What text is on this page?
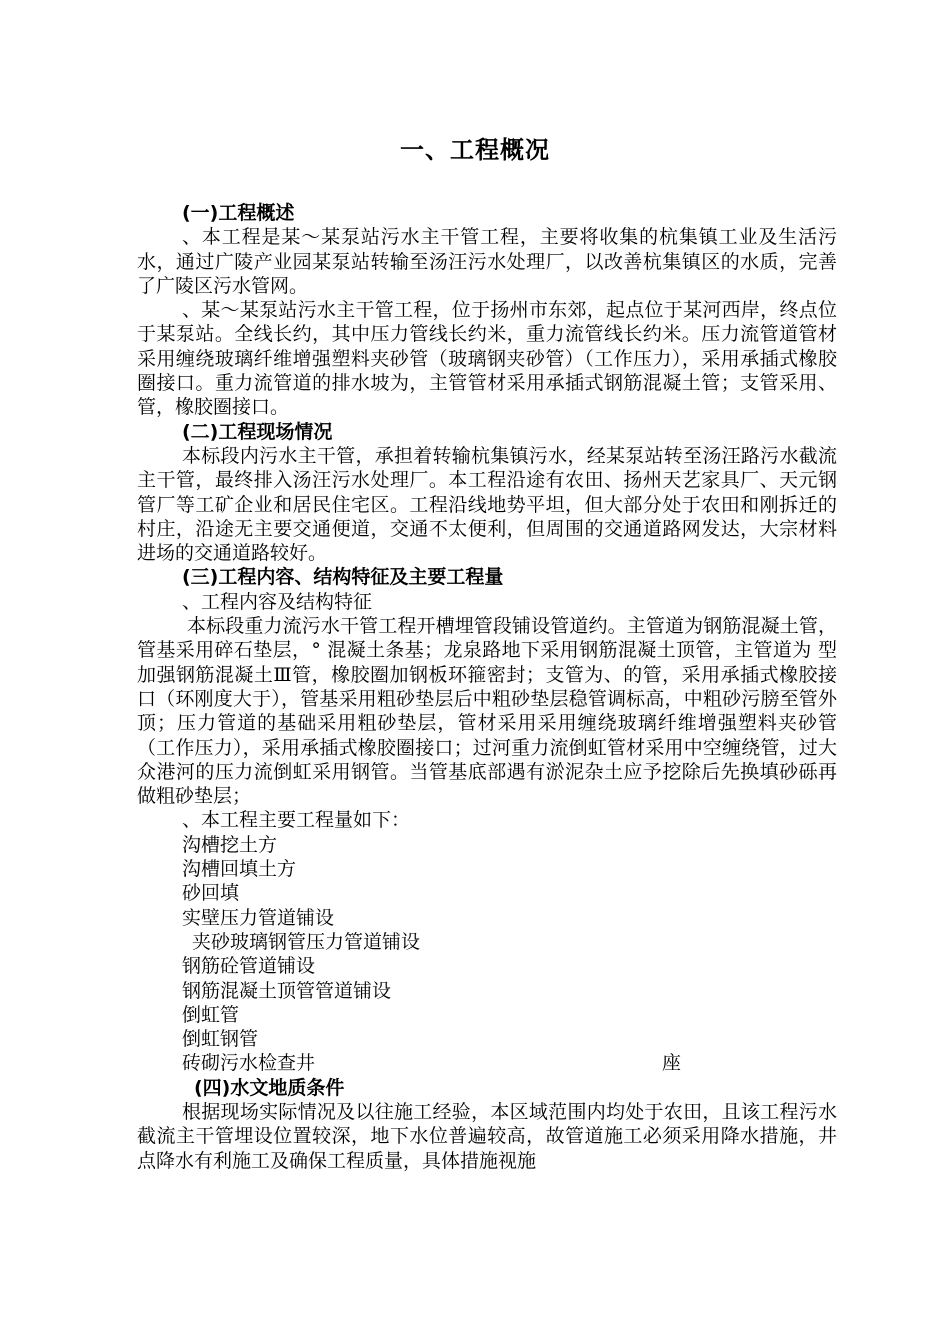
一、工程概况
(一)工程概述

、本工程是某～某泵站污水主干管工程，主要将收集的杭集镇工业及生活污水，通过广陵产业园某泵站转输至汤汪污水处理厂，以改善杭集镇区的水质，完善了广陵区污水管网。

、某～某泵站污水主干管工程，位于扬州市东郊，起点位于某河西岸，终点位于某泵站。全线长约，其中压力管线长约米，重力流管线长约米。压力流管道管材采用缠绕玻璃纤维增强塑料夹砂管（玻璃钢夹砂管）（工作压力），采用承插式橡胶圈接口。重力流管道的排水坡为，主管管材采用承插式钢筋混凝土管；支管采用、 管，橡胶圈接口。

(二)工程现场情况

本标段内污水主干管，承担着转输杭集镇污水，经某泵站转至汤汪路污水截流主干管，最终排入汤汪污水处理厂。本工程沿途有农田、扬州天艺家具厂、天元钢管厂等工矿企业和居民住宅区。工程沿线地势平坦，但大部分处于农田和刚拆迁的村庄，沿途无主要交通便道，交通不太便利，但周围的交通道路网发达，大宗材料进场的交通道路较好。

(三)工程内容、结构特征及主要工程量
、工程内容及结构特征

本标段重力流污水干管工程开槽埋管段铺设管道约。主管道为钢筋混凝土管，管基采用碎石垫层，° 混凝土条基；龙泉路地下采用钢筋混凝土顶管，主管道为 型加强钢筋混凝土Ⅲ管，橡胶圈加钢板环箍密封；支管为、的管，采用承插式橡胶接口（环刚度大于），管基采用粗砂垫层后中粗砂垫层稳管调标高，中粗砂污膀至管外顶；压力管道的基础采用粗砂垫层，管材采用采用缠绕玻璃纤维增强塑料夹砂管（工作压力），采用承插式橡胶圈接口；过河重力流倒虹管材采用中空缠绕管，过大众港河的压力流倒虹采用钢管。当管基底部遇有淤泥杂土应予挖除后先换填砂砾再做粗砂垫层；

、本工程主要工程量如下：
沟槽挖土方
沟槽回填土方
砂回填
实壁压力管道铺设
夹砂玻璃钢管压力管道铺设
钢筋砼管道铺设
钢筋混凝土顶管管道铺设
倒虹管
倒虹钢管
砖砌污水检查井	座
(四)水文地质条件

根据现场实际情况及以往施工经验，本区域范围内均处于农田，且该工程污水截流主干管埋设位置较深，地下水位普遍较高，故管道施工必须采用降水措施，井点降水有利施工及确保工程质量，具体措施视施
